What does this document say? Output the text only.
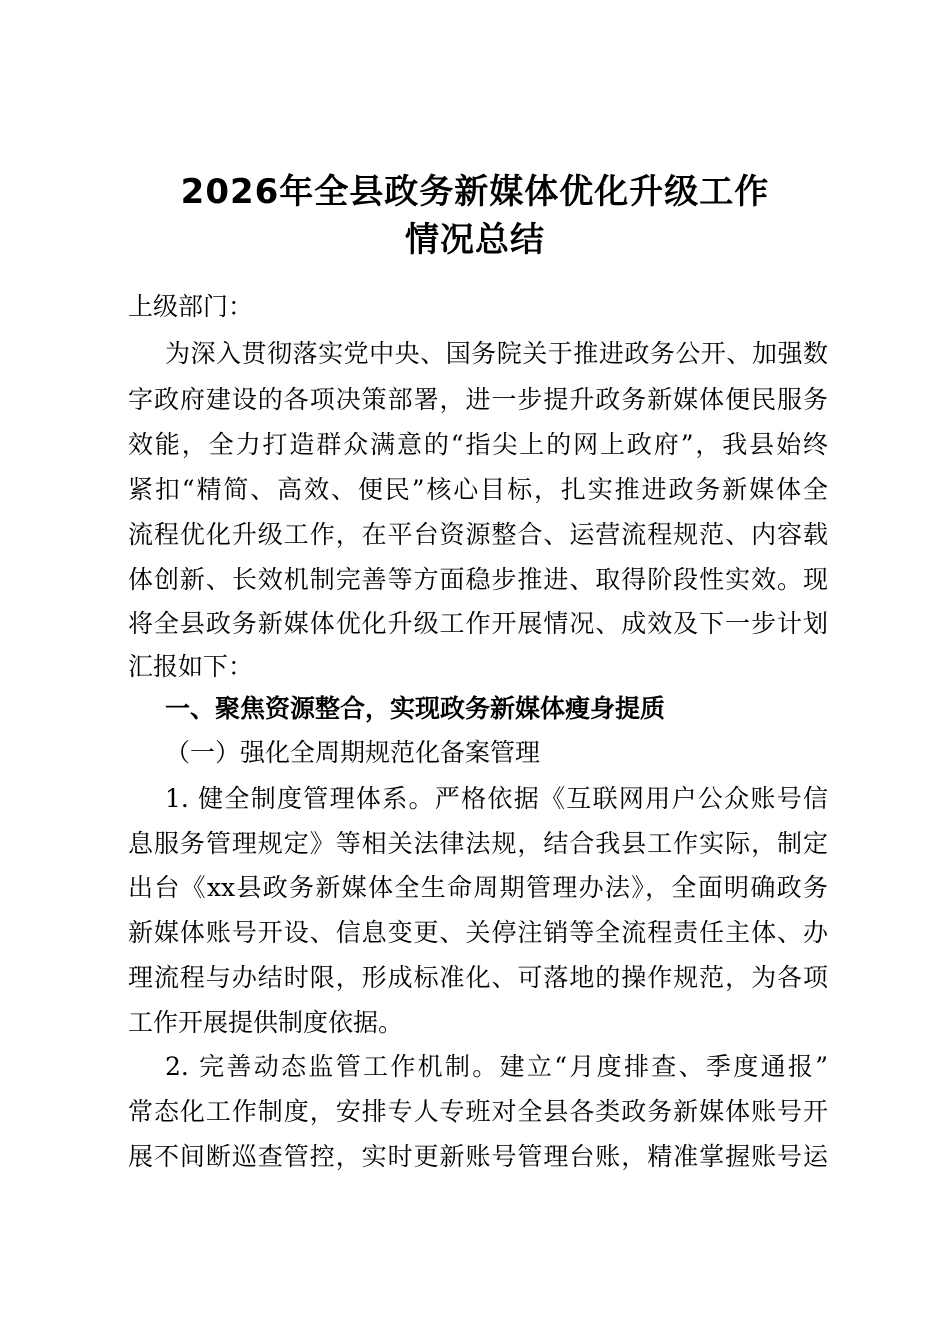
2026年全县政务新媒体优化升级工作
情况总结
上级部门：
为深入贯彻落实党中央、国务院关于推进政务公开、加强数
字政府建设的各项决策部署，进一步提升政务新媒体便民服务
效能，全力打造群众满意的“指尖上的网上政府”，我县始终
紧扣“精简、高效、便民”核心目标，扎实推进政务新媒体全
流程优化升级工作，在平台资源整合、运营流程规范、内容载
体创新、长效机制完善等方面稳步推进、取得阶段性实效。现
将全县政务新媒体优化升级工作开展情况、成效及下一步计划
汇报如下：
一、聚焦资源整合，实现政务新媒体瘦身提质
（一）强化全周期规范化备案管理
1. 健全制度管理体系。严格依据《互联网用户公众账号信
息服务管理规定》等相关法律法规，结合我县工作实际，制定
出台《xx县政务新媒体全生命周期管理办法》，全面明确政务
新媒体账号开设、信息变更、关停注销等全流程责任主体、办
理流程与办结时限，形成标准化、可落地的操作规范，为各项
工作开展提供制度依据。
2. 完善动态监管工作机制。建立“月度排查、季度通报”
常态化工作制度，安排专人专班对全县各类政务新媒体账号开
展不间断巡查管控，实时更新账号管理台账，精准掌握账号运
